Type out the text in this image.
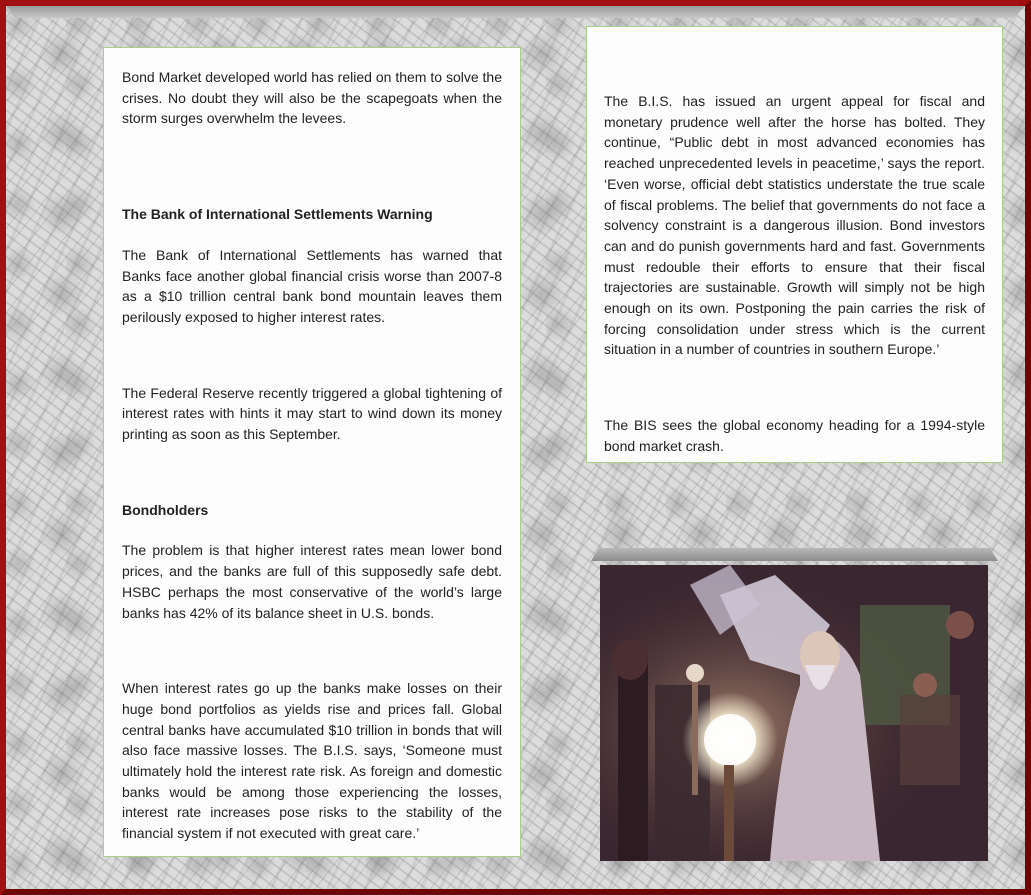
Bond Market developed world has relied on them to solve the crises. No doubt they will also be the scapegoats when the storm surges overwhelm the levees.

The Bank of International Settlements Warning

The Bank of International Settlements has warned that Banks face another global financial crisis worse than 2007-8 as a $10 trillion central bank bond mountain leaves them perilously exposed to higher interest rates.

The Federal Reserve recently triggered a global tightening of interest rates with hints it may start to wind down its money printing as soon as this September.

Bondholders

The problem is that higher interest rates mean lower bond prices, and the banks are full of this supposedly safe debt. HSBC perhaps the most conservative of the world’s large banks has 42% of its balance sheet in U.S. bonds.

When interest rates go up the banks make losses on their huge bond portfolios as yields rise and prices fall. Global central banks have accumulated $10 trillion in bonds that will also face massive losses. The B.I.S. says, ‘Someone must ultimately hold the interest rate risk. As foreign and domestic banks would be among those experiencing the losses, interest rate increases pose risks to the stability of the financial system if not executed with great care.’

The B.I.S. has issued an urgent appeal for fiscal and monetary prudence well after the horse has bolted. They continue, “Public debt in most advanced economies has reached unprecedented levels in peacetime,’ says the report. ‘Even worse, official debt statistics understate the true scale of fiscal problems. The belief that governments do not face a solvency constraint is a dangerous illusion. Bond investors can and do punish governments hard and fast. Governments must redouble their efforts to ensure that their fiscal trajectories are sustainable. Growth will simply not be high enough on its own. Postponing the pain carries the risk of forcing consolidation under stress which is the current situation in a number of countries in southern Europe.’

The BIS sees the global economy heading for a 1994-style bond market crash.
